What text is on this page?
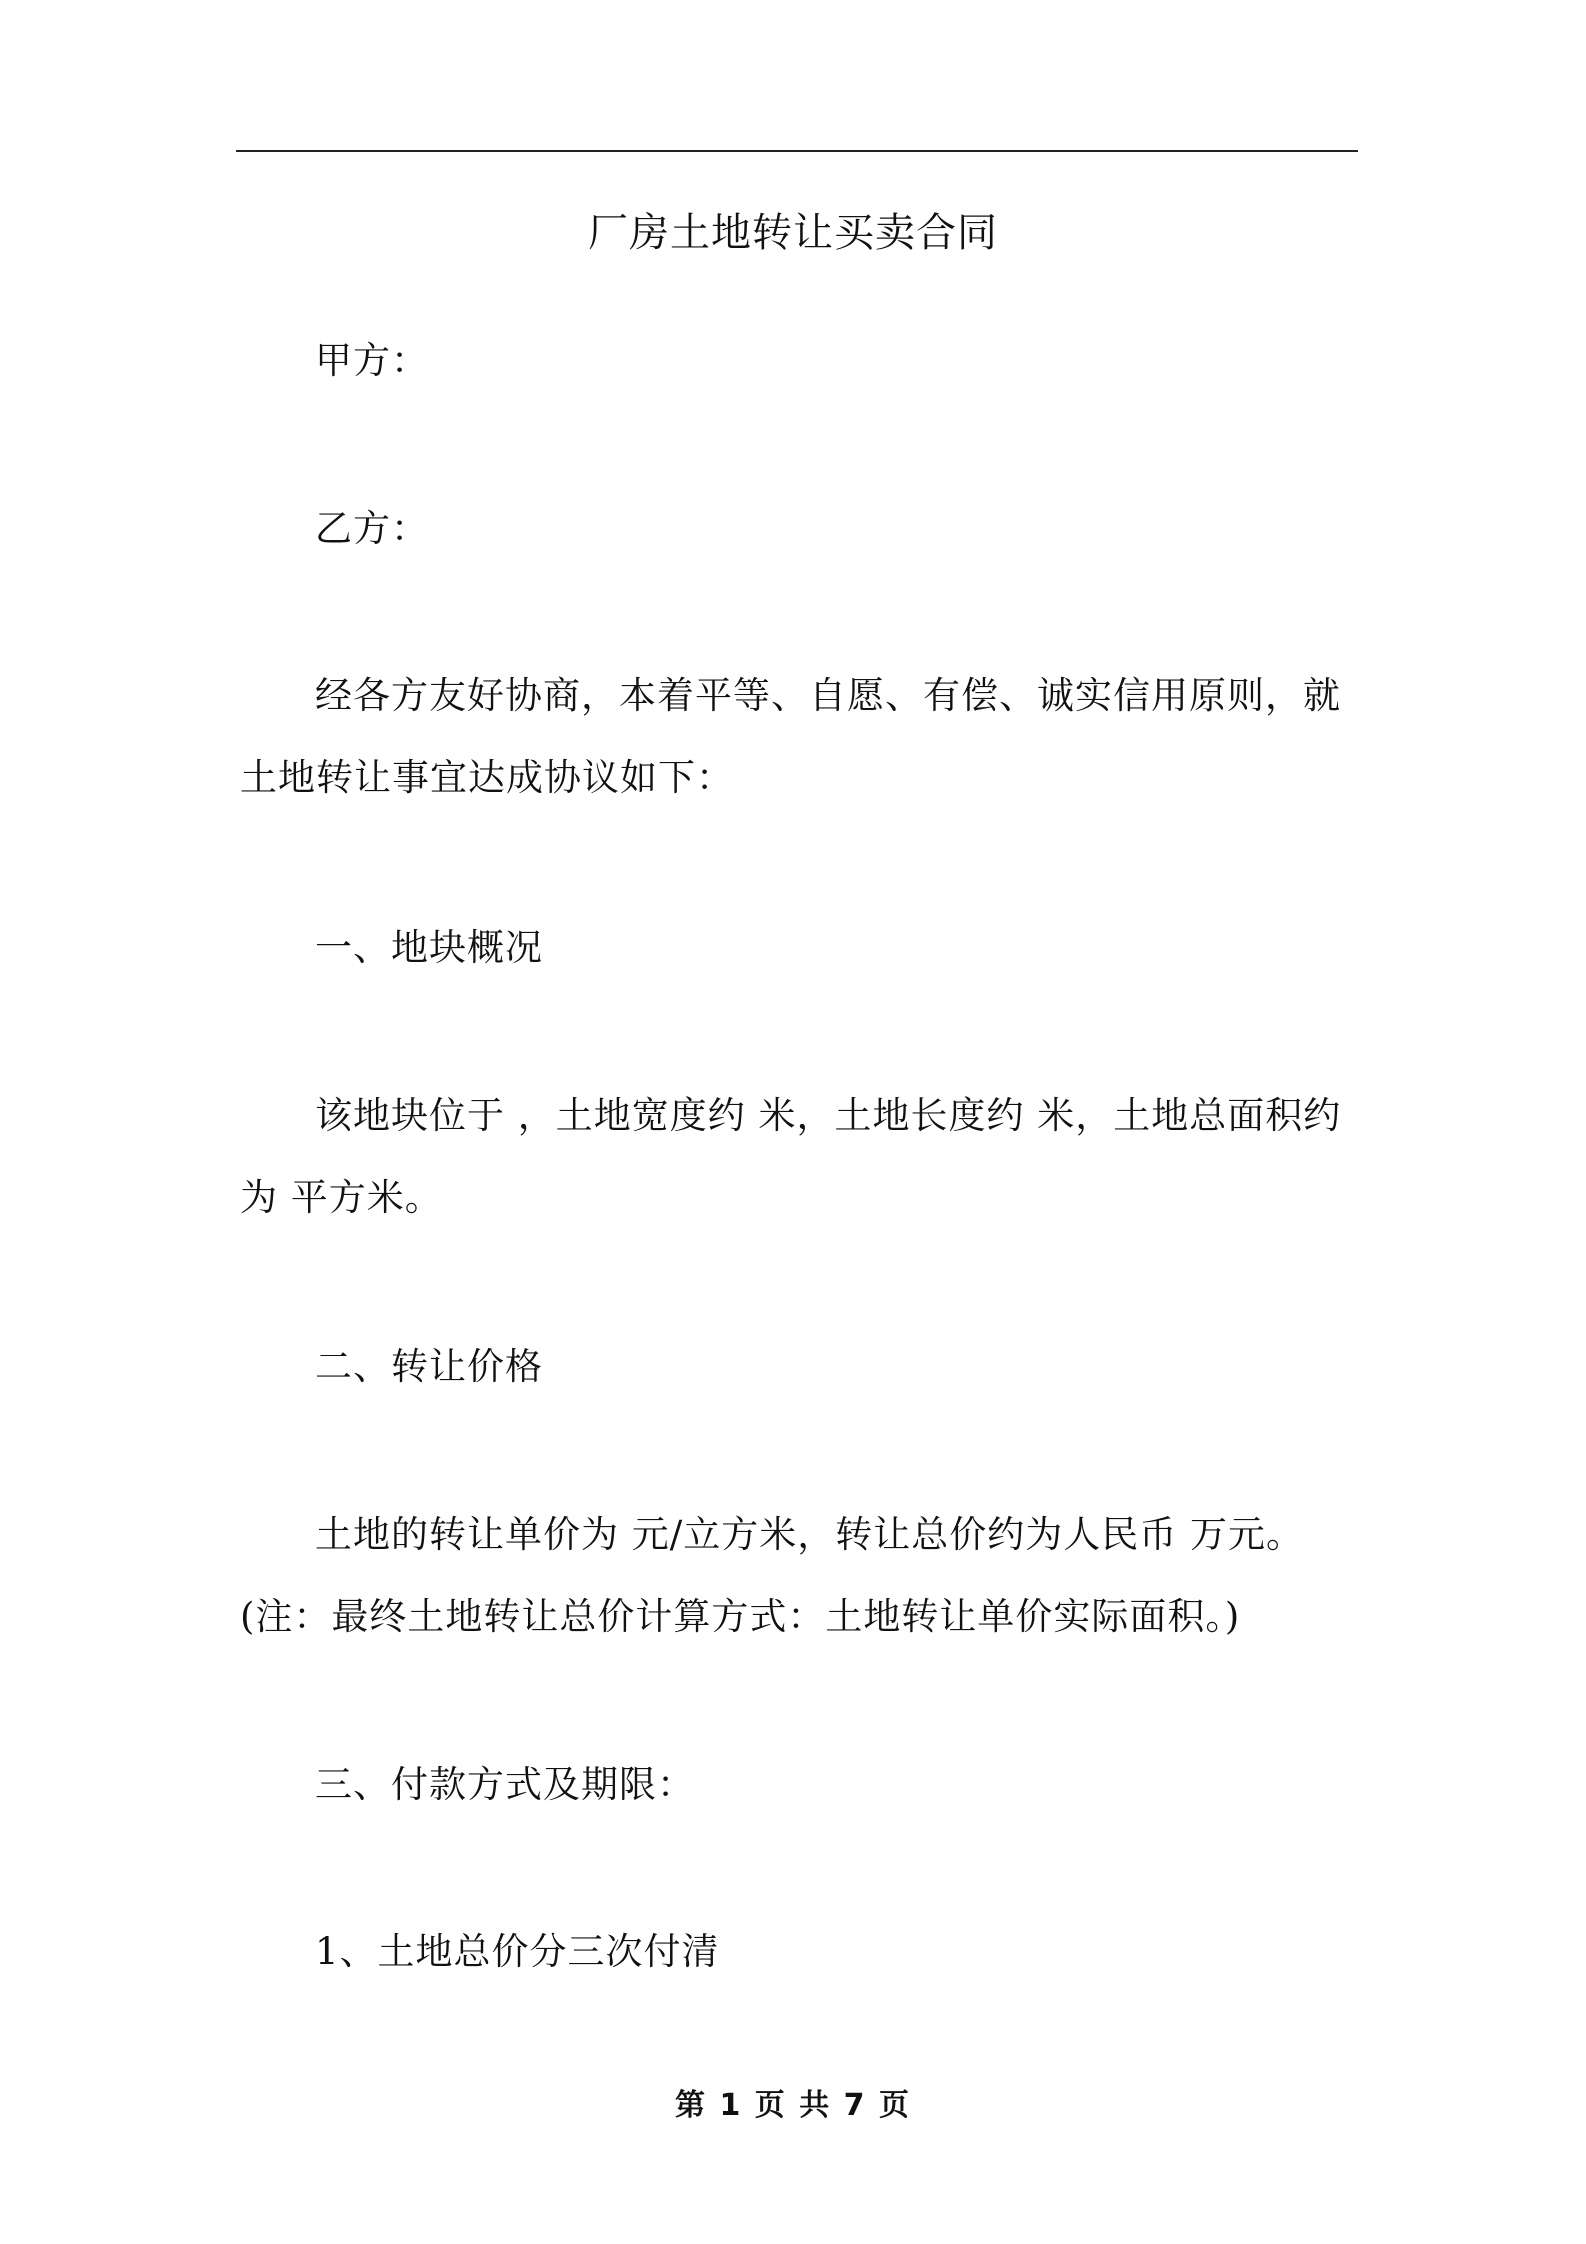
厂房土地转让买卖合同

甲方：

乙方：

经各方友好协商，本着平等、自愿、有偿、诚实信用原则，就土地转让事宜达成协议如下：

一、地块概况

该地块位于 ，土地宽度约 米，土地长度约 米，土地总面积约为 平方米。

二、转让价格

土地的转让单价为 元/立方米，转让总价约为人民币 万元。(注：最终土地转让总价计算方式：土地转让单价实际面积。)

三、付款方式及期限：

1、土地总价分三次付清

第 1 页 共 7 页
